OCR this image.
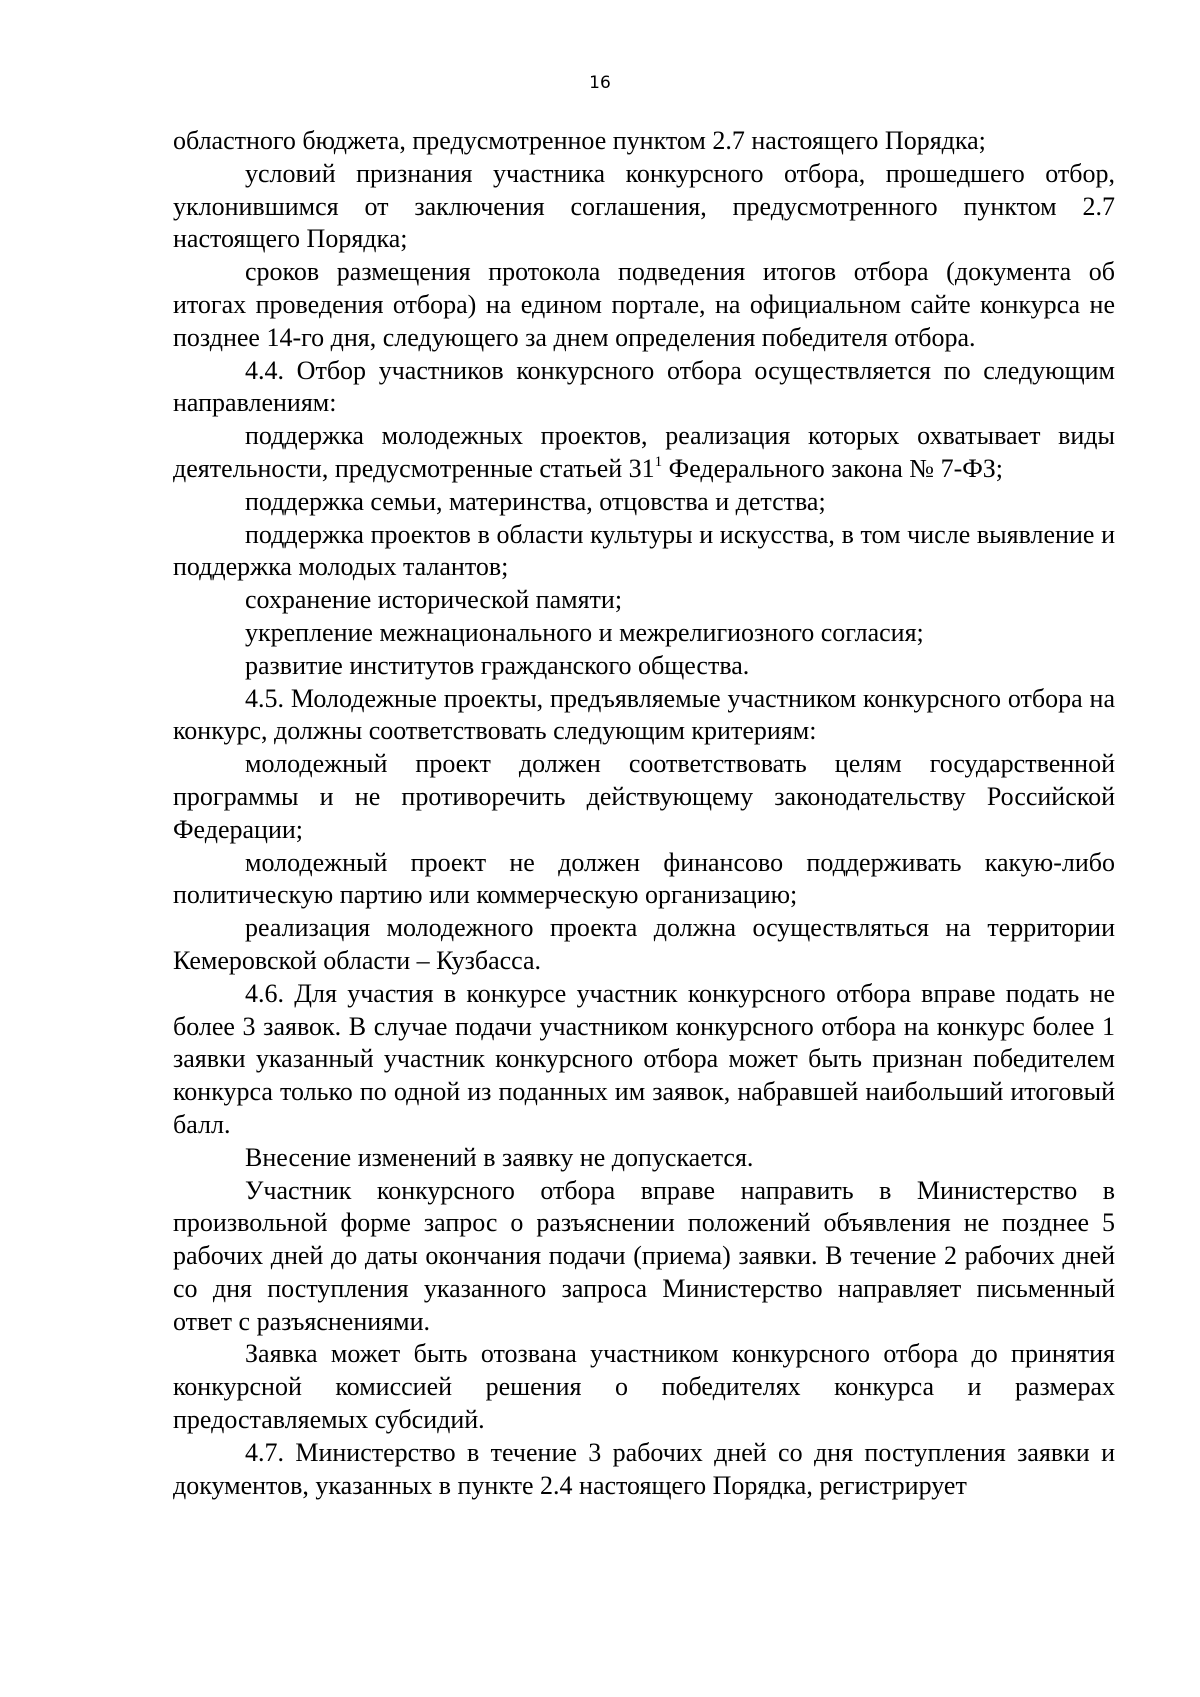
16

областного бюджета, предусмотренное пунктом 2.7 настоящего Порядка;

условий признания участника конкурсного отбора, прошедшего отбор, уклонившимся от заключения соглашения, предусмотренного пунктом 2.7 настоящего Порядка;

сроков размещения протокола подведения итогов отбора (документа об итогах проведения отбора) на едином портале, на официальном сайте конкурса не позднее 14-го дня, следующего за днем определения победителя отбора.

4.4. Отбор участников конкурсного отбора осуществляется по следующим направлениям:

поддержка молодежных проектов, реализация которых охватывает виды деятельности, предусмотренные статьей $31^1$ Федерального закона № 7-ФЗ;

поддержка семьи, материнства, отцовства и детства;

поддержка проектов в области культуры и искусства, в том числе выявление и поддержка молодых талантов;

сохранение исторической памяти;

укрепление межнационального и межрелигиозного согласия;

развитие институтов гражданского общества.

4.5. Молодежные проекты, предъявляемые участником конкурсного отбора на конкурс, должны соответствовать следующим критериям:

молодежный проект должен соответствовать целям государственной программы и не противоречить действующему законодательству Российской Федерации;

молодежный проект не должен финансово поддерживать какую-либо политическую партию или коммерческую организацию;

реализация молодежного проекта должна осуществляться на территории Кемеровской области – Кузбасса.

4.6. Для участия в конкурсе участник конкурсного отбора вправе подать не более 3 заявок. В случае подачи участником конкурсного отбора на конкурс более 1 заявки указанный участник конкурсного отбора может быть признан победителем конкурса только по одной из поданных им заявок, набравшей наибольший итоговый балл.

Внесение изменений в заявку не допускается.

Участник конкурсного отбора вправе направить в Министерство в произвольной форме запрос о разъяснении положений объявления не позднее 5 рабочих дней до даты окончания подачи (приема) заявки. В течение 2 рабочих дней со дня поступления указанного запроса Министерство направляет письменный ответ с разъяснениями.

Заявка может быть отозвана участником конкурсного отбора до принятия конкурсной комиссией решения о победителях конкурса и размерах предоставляемых субсидий.

4.7. Министерство в течение 3 рабочих дней со дня поступления заявки и документов, указанных в пункте 2.4 настоящего Порядка, регистрирует
